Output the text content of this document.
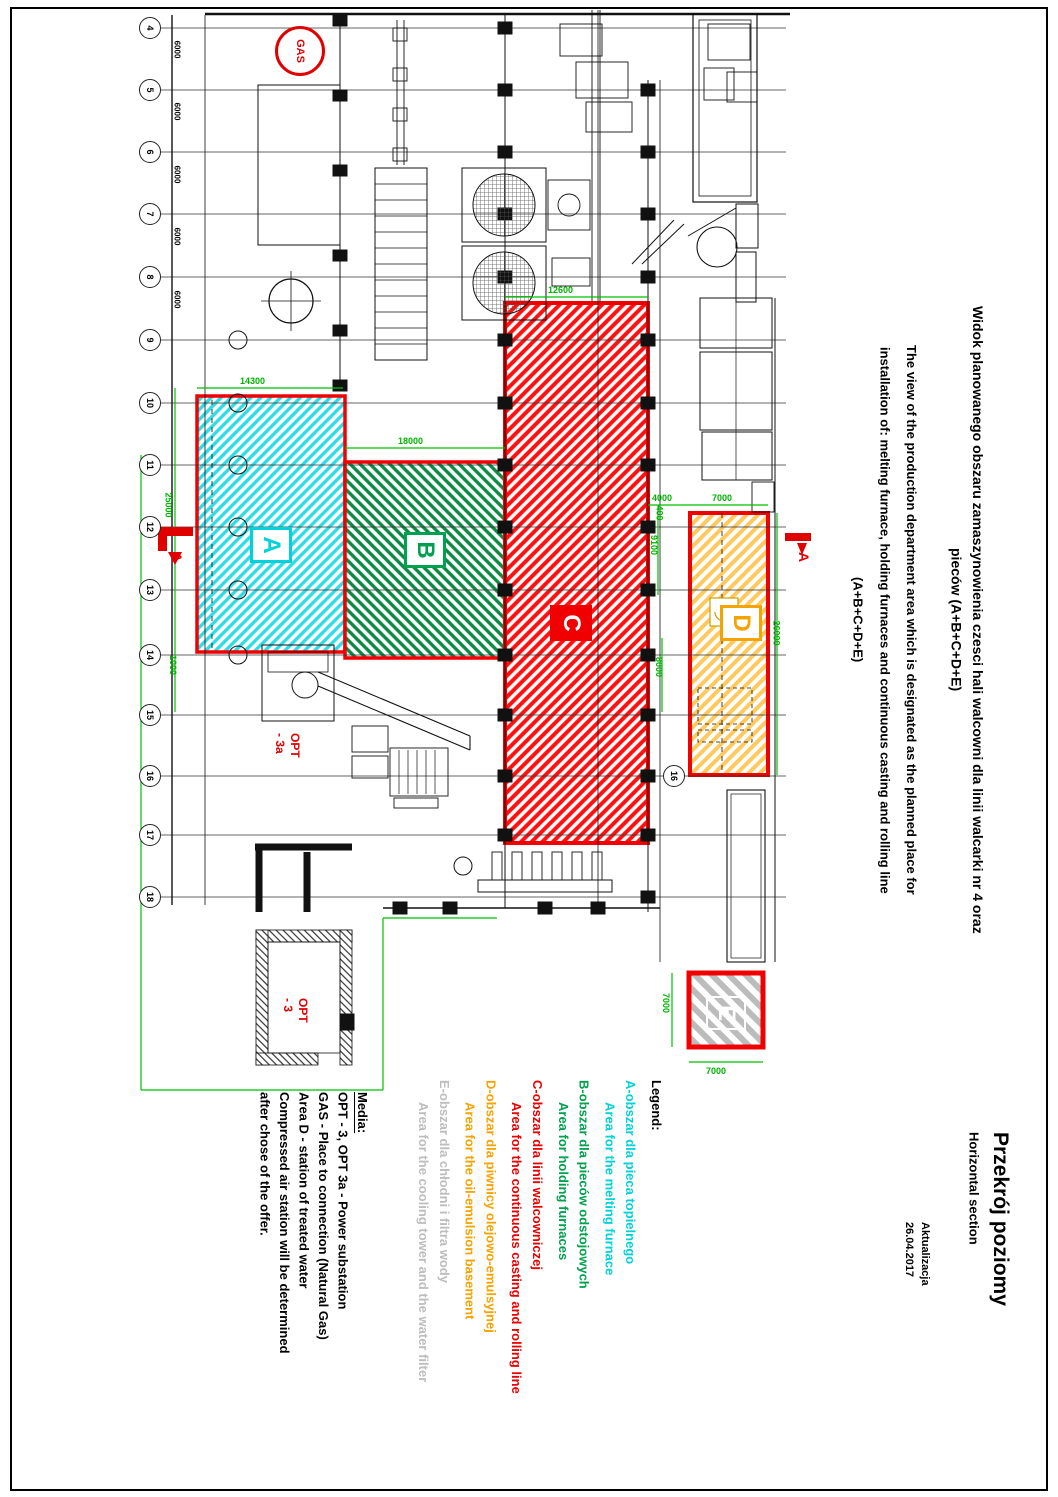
4
5
6
7
8
9
10
11
12
13
14
15
16
17
18
16
6000
6000
6000
6000
6000
14300
18000
12600
4000	7000
7000
25000
1000
9100
400
8000
26000
7000
A	B
C	D
E
GAS
OPT
- 3a
OPT
- 3
A	A	Widok planowanego obszaru zamaszynowienia czesci hali walcowni dla linii walcarki nr 4 oraz
pieców (A+B+C+D+E)
The view of the production department area which is designated as the planned place for
installation of: melting furnace, holding furnaces and continuous casting and rolling line
(A+B+C+D+E)
Przekrój poziomy
Horizontal section
Aktualizacja
26.04.2017
Legend:
A-obszar dla pieca topielnego
Area for the melting furnace
B-obszar dla pieców odstojowych
Area for holding furnaces
C-obszar dla linii walcowniczej
Area for the continuous casting and rolling line
D-obszar dla piwnicy olejowo-emulsyjnej
Area for the oil-emulsion basement
E-obszar dla chłodni i filtra wody
Area for the cooling tower and the water filter
Media:
OPT - 3, OPT 3a - Power substation
GAS - Place to connection (Natural Gas)
Area D - station of treated water
Compressed air station will be determined
after chose of the offer.
